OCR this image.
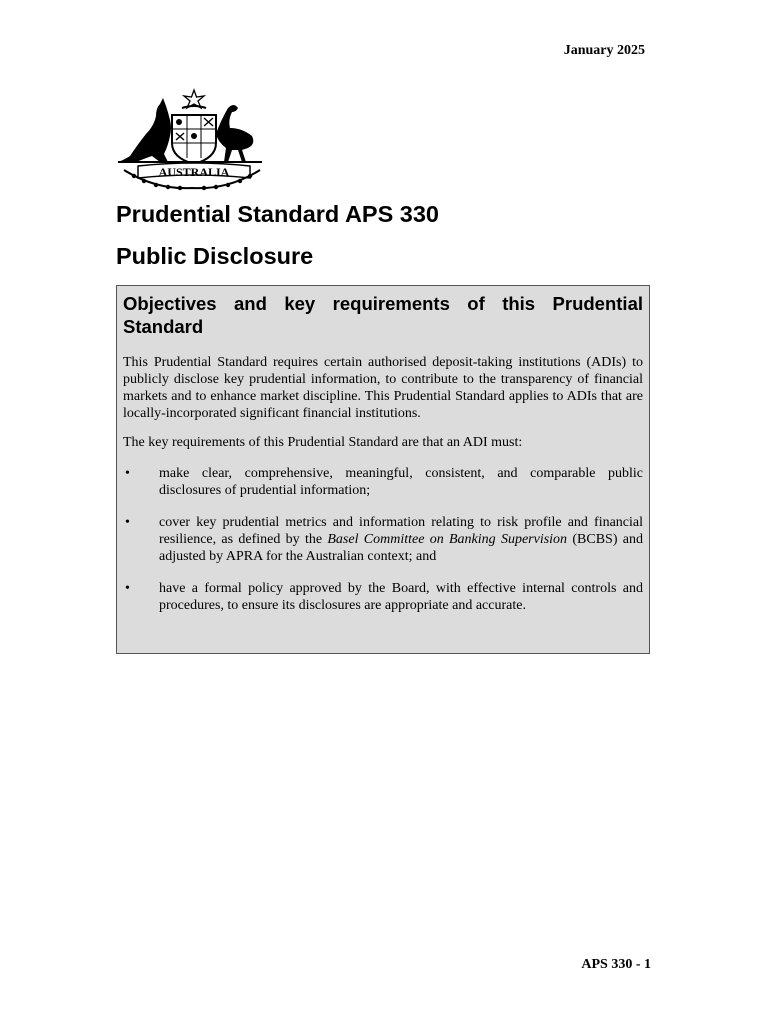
January 2025
AUSTRALIA
Prudential Standard APS 330
Public Disclosure
Objectives and key requirements of this Prudential Standard

This Prudential Standard requires certain authorised deposit-taking institutions (ADIs) to publicly disclose key prudential information, to contribute to the transparency of financial markets and to enhance market discipline. This Prudential Standard applies to ADIs that are locally-incorporated significant financial institutions.

The key requirements of this Prudential Standard are that an ADI must:

• make clear, comprehensive, meaningful, consistent, and comparable public disclosures of prudential information;
• cover key prudential metrics and information relating to risk profile and financial resilience, as defined by the Basel Committee on Banking Supervision (BCBS) and adjusted by APRA for the Australian context; and
• have a formal policy approved by the Board, with effective internal controls and procedures, to ensure its disclosures are appropriate and accurate.
APS 330 - 1
